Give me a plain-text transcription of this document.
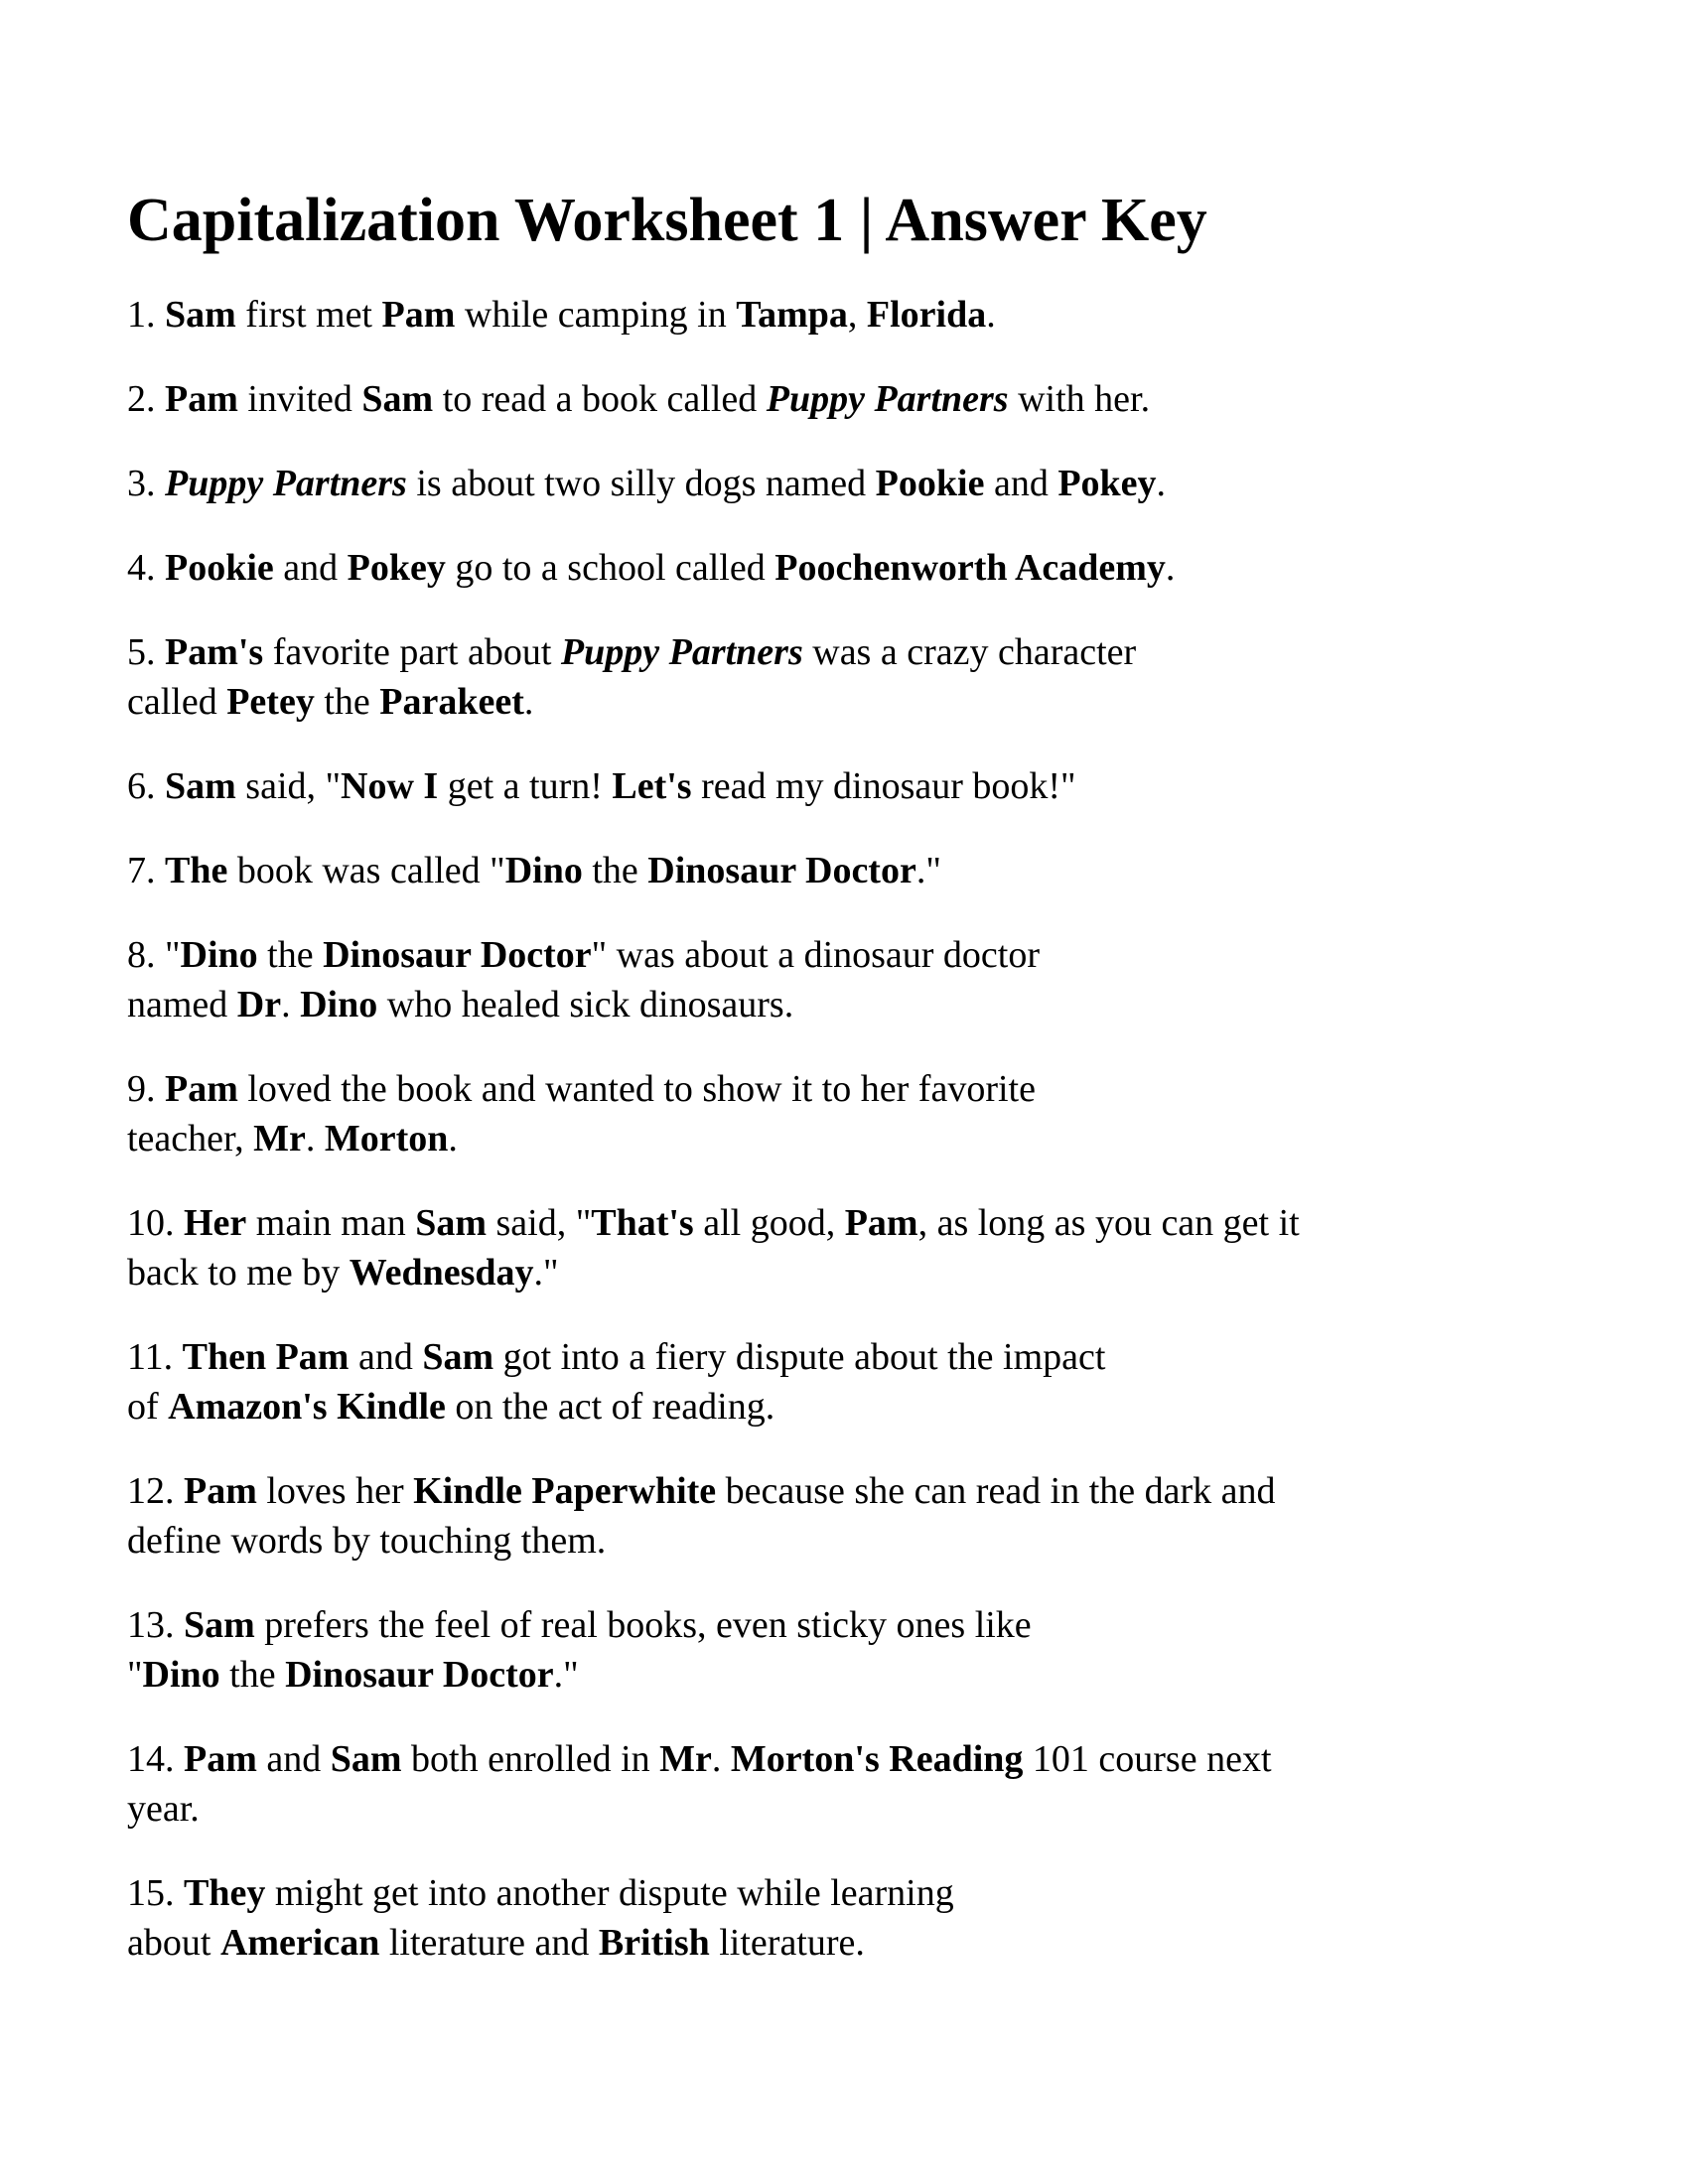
Capitalization Worksheet 1 | Answer Key

1. Sam first met Pam while camping in Tampa, Florida.

2. Pam invited Sam to read a book called Puppy Partners with her.

3. Puppy Partners is about two silly dogs named Pookie and Pokey.

4. Pookie and Pokey go to a school called Poochenworth Academy.

5. Pam's favorite part about Puppy Partners was a crazy character
called Petey the Parakeet.

6. Sam said, "Now I get a turn! Let's read my dinosaur book!"

7. The book was called "Dino the Dinosaur Doctor."

8. "Dino the Dinosaur Doctor" was about a dinosaur doctor
named Dr. Dino who healed sick dinosaurs.

9. Pam loved the book and wanted to show it to her favorite
teacher, Mr. Morton.

10. Her main man Sam said, "That's all good, Pam, as long as you can get it
back to me by Wednesday."

11. Then Pam and Sam got into a fiery dispute about the impact
of Amazon's Kindle on the act of reading.

12. Pam loves her Kindle Paperwhite because she can read in the dark and
define words by touching them.

13. Sam prefers the feel of real books, even sticky ones like
"Dino the Dinosaur Doctor."

14. Pam and Sam both enrolled in Mr. Morton's Reading 101 course next
year.

15. They might get into another dispute while learning
about American literature and British literature.
